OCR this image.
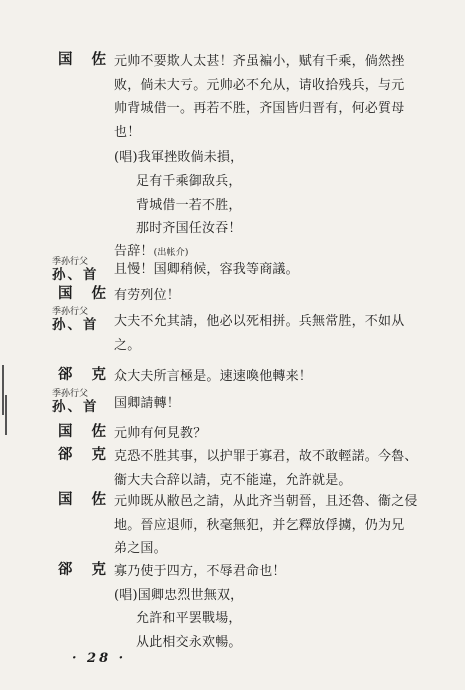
国 佐 元帅不要欺人太甚！齐虽褊小，赋有千乘，倘然挫
败，倘未大亏。元帅必不允从，请收拾残兵，与元
帅背城借一。再若不胜，齐国皆归晋有，何必質母
也！
(唱)我軍挫敗倘未損，
足有千乘御敌兵，
背城借一若不胜，
那时齐国任汝吞！
告辞！(出帐介)
季孙行父
孙、首	且慢！国卿稍候，容我等商議。
国 佐 有劳列位！
季孙行父
孙、首	大夫不允其請，他必以死相拼。兵無常胜，不如从
之。
郤 克 众大夫所言極是。速速喚他轉来！
季孙行父
孙、首	国卿請轉！
国 佐 元帅有何見教？
郤 克 克恐不胜其事，以护罪于寡君，故不敢輕諾。今魯、
衞大夫合辞以請，克不能違，允許就是。
国 佐 元帅既从敝邑之請，从此齐当朝晉，且还魯、衞之侵
地。晉应退师，秋毫無犯，并乞釋放俘擄，仍为兄
弟之国。
郤 克 寡乃使于四方，不辱君命也！
(唱)国卿忠烈世無双，
允許和平罢戰場，
从此相交永欢暢。
· 28 ·
